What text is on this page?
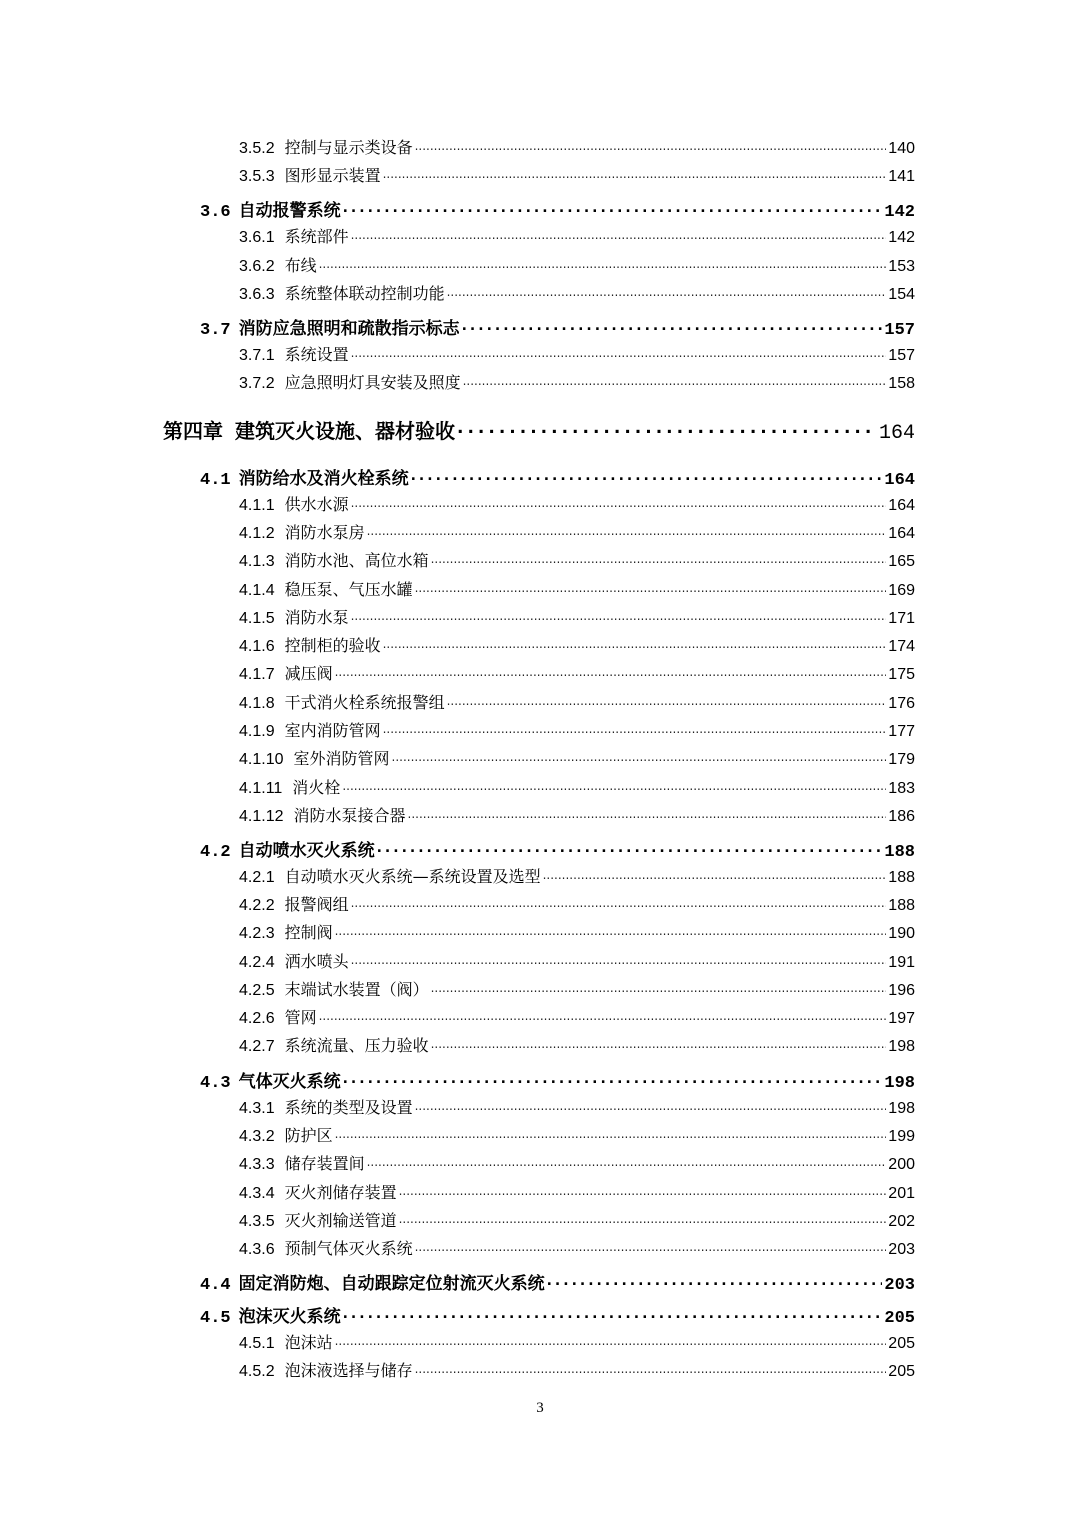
3.5.2 控制与显示类设备 .....	140
3.5.3 图形显示装置 .....	141
3.6 自动报警系统 .....	142
3.6.1 系统部件 .....	142
3.6.2 布线 .....	153
3.6.3 系统整体联动控制功能 .....	154
3.7 消防应急照明和疏散指示标志 .....	157
3.7.1 系统设置 .....	157
3.7.2 应急照明灯具安装及照度 .....	158
第四章 建筑灭火设施、器材验收 .....	164
4.1 消防给水及消火栓系统 .....	164
4.1.1 供水水源 .....	164
4.1.2 消防水泵房 .....	164
4.1.3 消防水池、高位水箱 .....	165
4.1.4 稳压泵、气压水罐 .....	169
4.1.5 消防水泵 .....	171
4.1.6 控制柜的验收 .....	174
4.1.7 减压阀 .....	175
4.1.8 干式消火栓系统报警组 .....	176
4.1.9 室内消防管网 .....	177
4.1.10 室外消防管网 .....	179
4.1.11 消火栓 .....	183
4.1.12 消防水泵接合器 .....	186
4.2 自动喷水灭火系统 .....	188
4.2.1 自动喷水灭火系统—系统设置及选型 .....	188
4.2.2 报警阀组 .....	188
4.2.3 控制阀 .....	190
4.2.4 洒水喷头 .....	191
4.2.5 末端试水装置（阀） .....	196
4.2.6 管网 .....	197
4.2.7 系统流量、压力验收 .....	198
4.3 气体灭火系统 .....	198
4.3.1 系统的类型及设置 .....	198
4.3.2 防护区 .....	199
4.3.3 储存装置间 .....	200
4.3.4 灭火剂储存装置 .....	201
4.3.5 灭火剂输送管道 .....	202
4.3.6 预制气体灭火系统 .....	203
4.4 固定消防炮、自动跟踪定位射流灭火系统 .....	203
4.5 泡沫灭火系统 .....	205
4.5.1 泡沫站 .....	205
4.5.2 泡沫液选择与储存 .....	205
3
